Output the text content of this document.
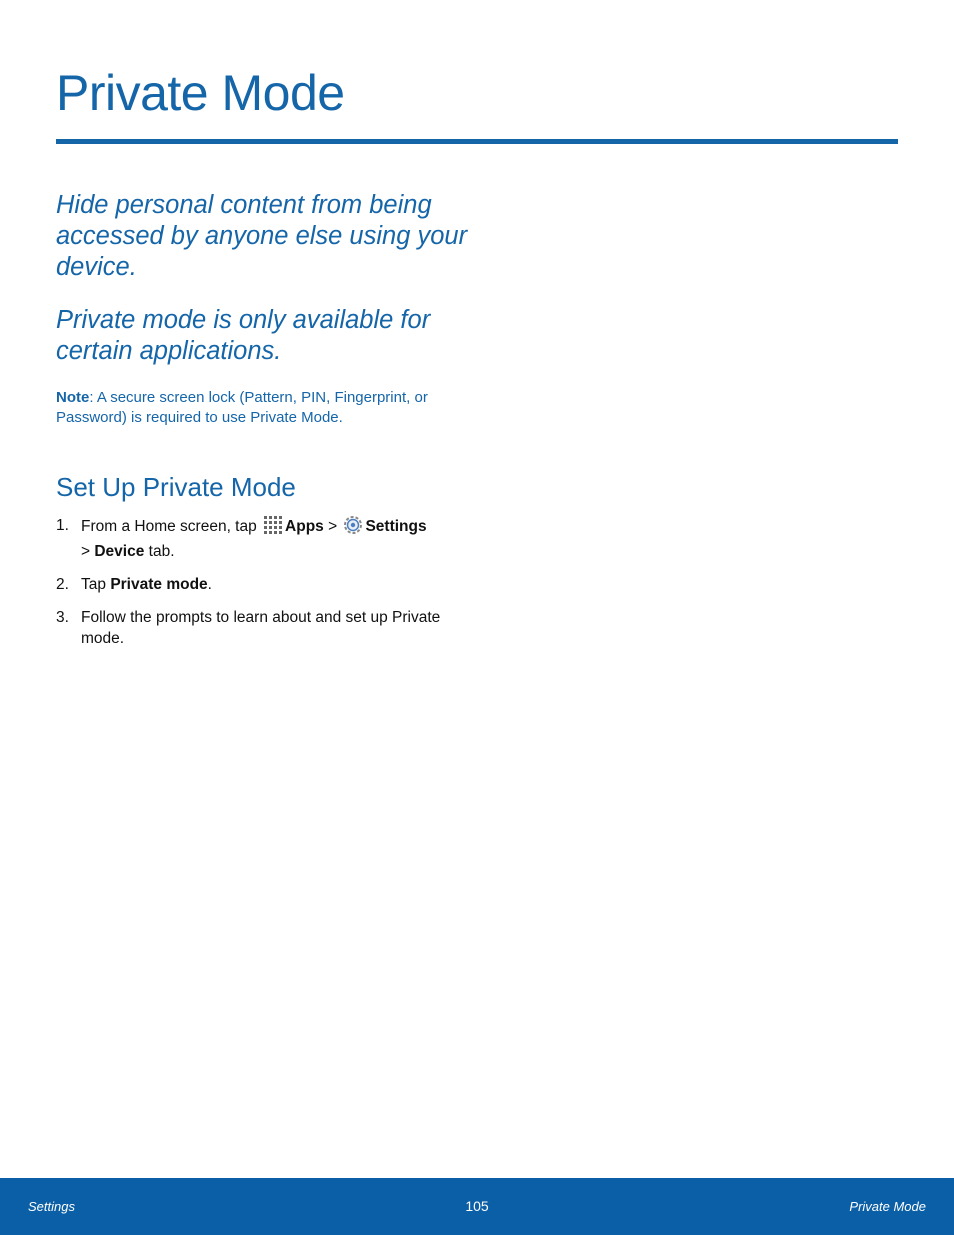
Private Mode

Hide personal content from being accessed by anyone else using your device.

Private mode is only available for certain applications.

Note: A secure screen lock (Pattern, PIN, Fingerprint, or Password) is required to use Private Mode.

Set Up Private Mode
1. From a Home screen, tap Apps > Settings
> Device tab.
2. Tap Private mode.
3. Follow the prompts to learn about and set up Private mode.
Settings	105	Private Mode
